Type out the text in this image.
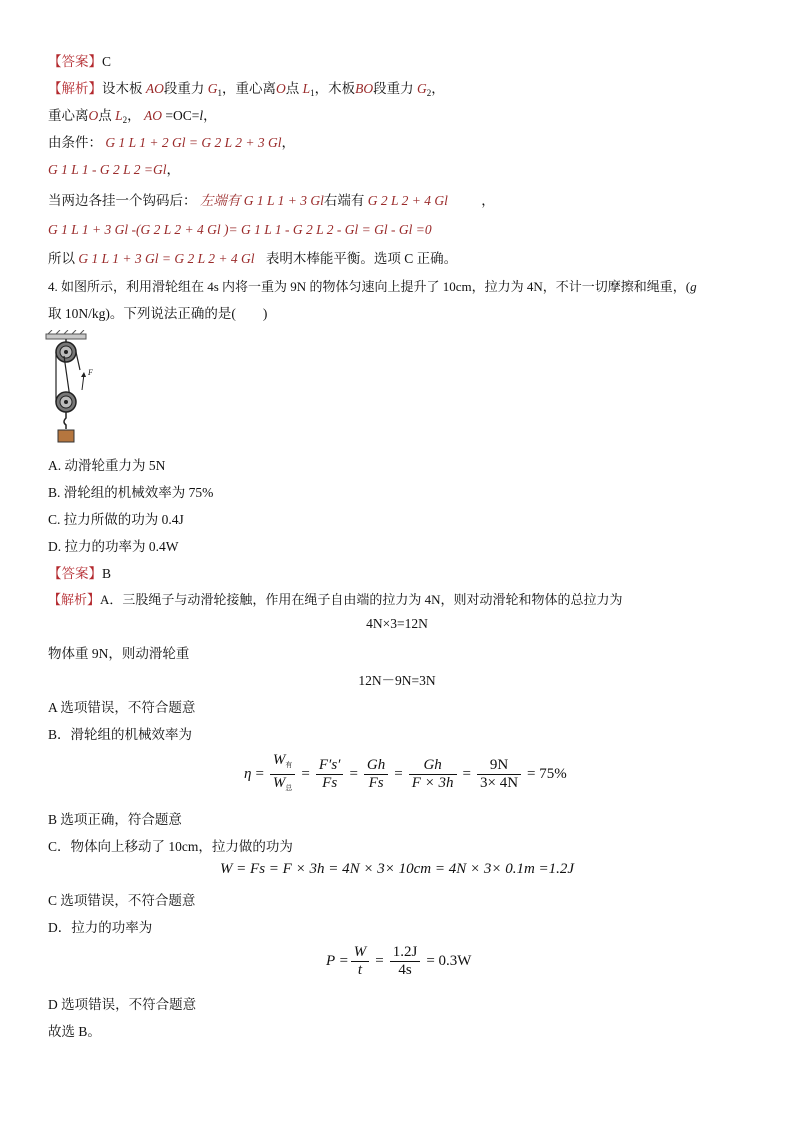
【答案】C
【解析】设木板 AO段重力 $G_1$，重心离O点 $L_1$，木板BO段重力 $G_2$，
重心离O点 $L_2$， AO =OC=l，
由条件： G 1 L 1 + 2 Gl = G 2 L 2 + 3 Gl，
G 1 L 1 - G 2 L 2 =Gl，
当两边各挂一个钩码后： 左端有 G 1 L 1 + 3 Gl右端有 G 2 L 2 + 4 Gl ，
G 1 L 1 + 3 Gl -(G 2 L 2 + 4 Gl )= G 1 L 1 - G 2 L 2 - Gl = Gl - Gl =0
所以 G 1 L 1 + 3 Gl = G 2 L 2 + 4 Gl 表明木棒能平衡。选项 C 正确。
4. 如图所示，利用滑轮组在 4s 内将一重为 9N 的物体匀速向上提升了 10cm，拉力为 4N，不计一切摩擦和绳重，(g
取 10N/kg)。下列说法正确的是(　　)
F
A. 动滑轮重力为 5N
B. 滑轮组的机械效率为 75%
C. 拉力所做的功为 0.4J
D. 拉力的功率为 0.4W
【答案】B
【解析】A．三股绳子与动滑轮接触，作用在绳子自由端的拉力为 4N，则对动滑轮和物体的总拉力为
4N×3=12N
物体重 9N，则动滑轮重
12N－9N=3N
A 选项错误，不符合题意
B．滑轮组的机械效率为
$\eta = \frac{W_有}{W_总} = \frac{F's'}{Fs} = \frac{Gh}{Fs} = \frac{Gh}{F \times 3h} = \frac{9N}{3\times 4N} = 75\%$
B 选项正确，符合题意
C．物体向上移动了 10cm，拉力做的功为
W = Fs = F × 3h = 4N × 3× 10cm = 4N × 3× 0.1m =1.2J
C 选项错误，不符合题意
D．拉力的功率为
$P = \frac{W}{t} = \frac{1.2J}{4s} = 0.3W$
D 选项错误，不符合题意
故选 B。
